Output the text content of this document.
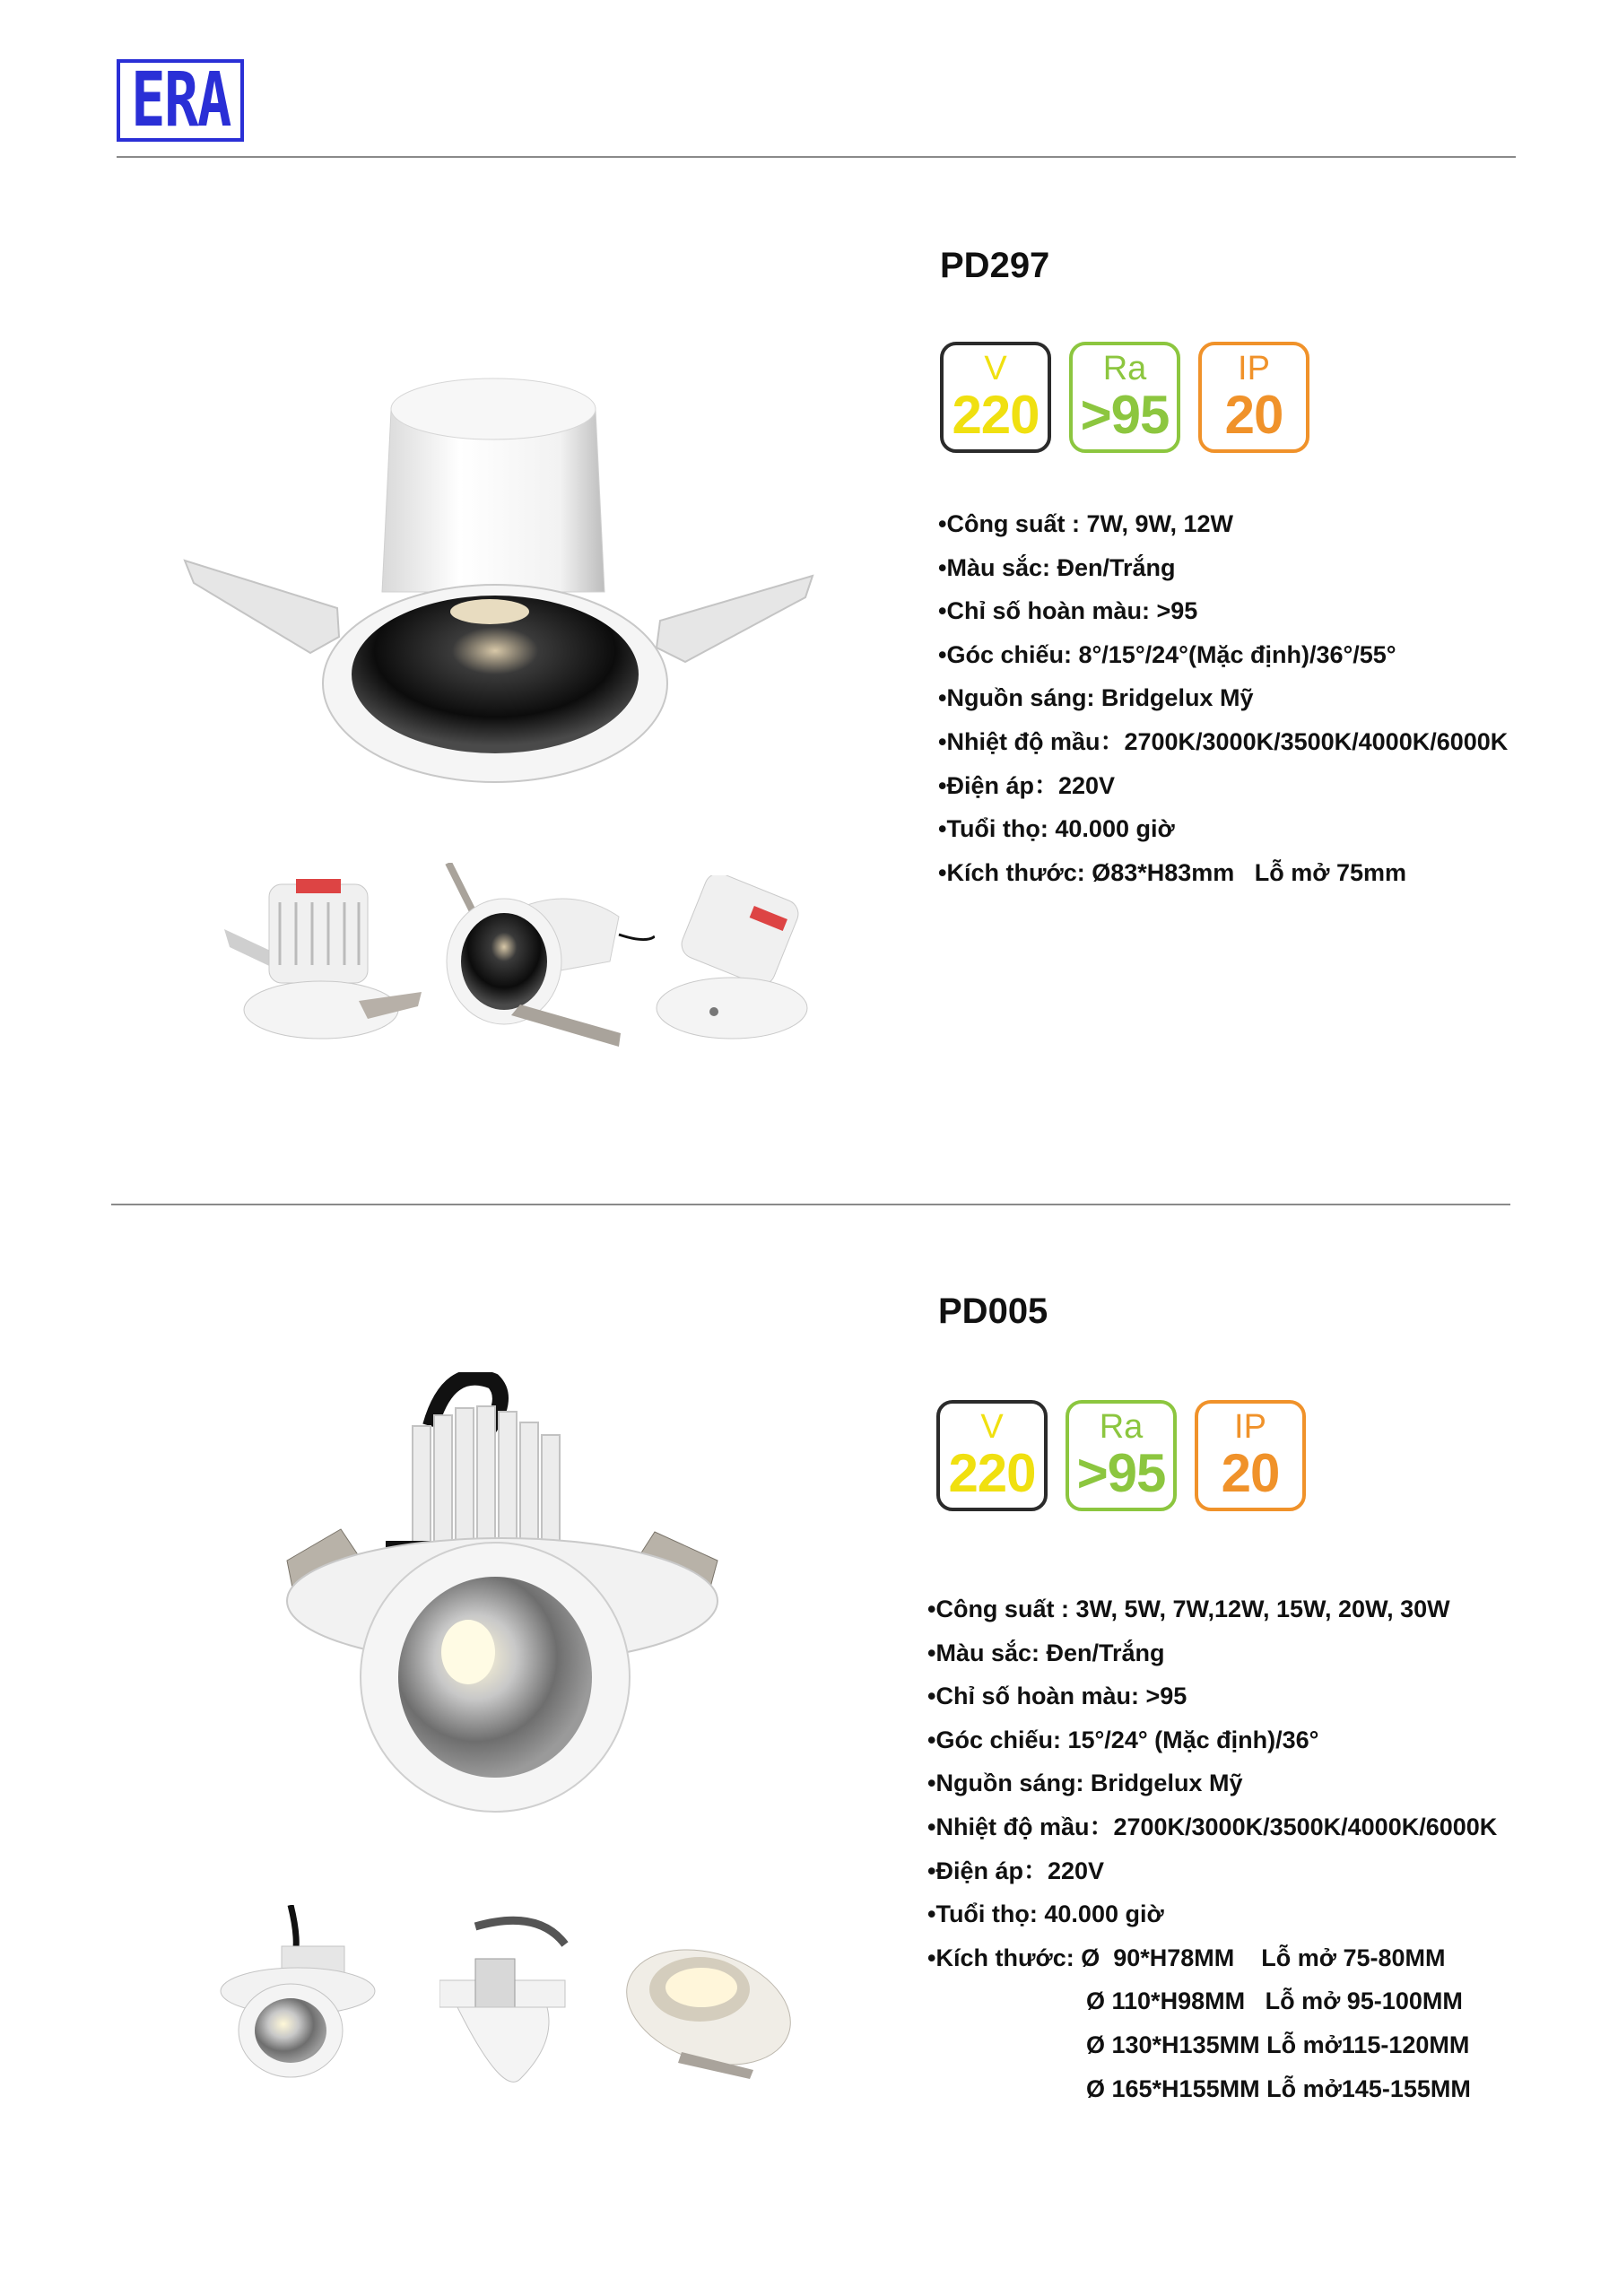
ERA
PD297
V
220
Ra
>95
IP
20
•Công suất : 7W, 9W, 12W
•Màu sắc: Đen/Trắng
•Chỉ số hoàn màu: >95
•Góc chiếu: 8°/15°/24°(Mặc định)/36°/55°
•Nguồn sáng: Bridgelux Mỹ
•Nhiệt độ mầu：2700K/3000K/3500K/4000K/6000K
•Điện áp：220V
•Tuổi thọ: 40.000 giờ
•Kích thước: Ø83*H83mm   Lỗ mở 75mm
PD005
V
220
Ra
>95
IP
20
•Công suất : 3W, 5W, 7W,12W, 15W, 20W, 30W
•Màu sắc: Đen/Trắng
•Chỉ số hoàn màu: >95
•Góc chiếu: 15°/24° (Mặc định)/36°
•Nguồn sáng: Bridgelux Mỹ
•Nhiệt độ mầu：2700K/3000K/3500K/4000K/6000K
•Điện áp：220V
•Tuổi thọ: 40.000 giờ
•Kích thước: Ø  90*H78MM    Lỗ mở 75-80MM
Ø 110*H98MM   Lỗ mở 95-100MM
Ø 130*H135MM Lỗ mở115-120MM
Ø 165*H155MM Lỗ mở145-155MM
